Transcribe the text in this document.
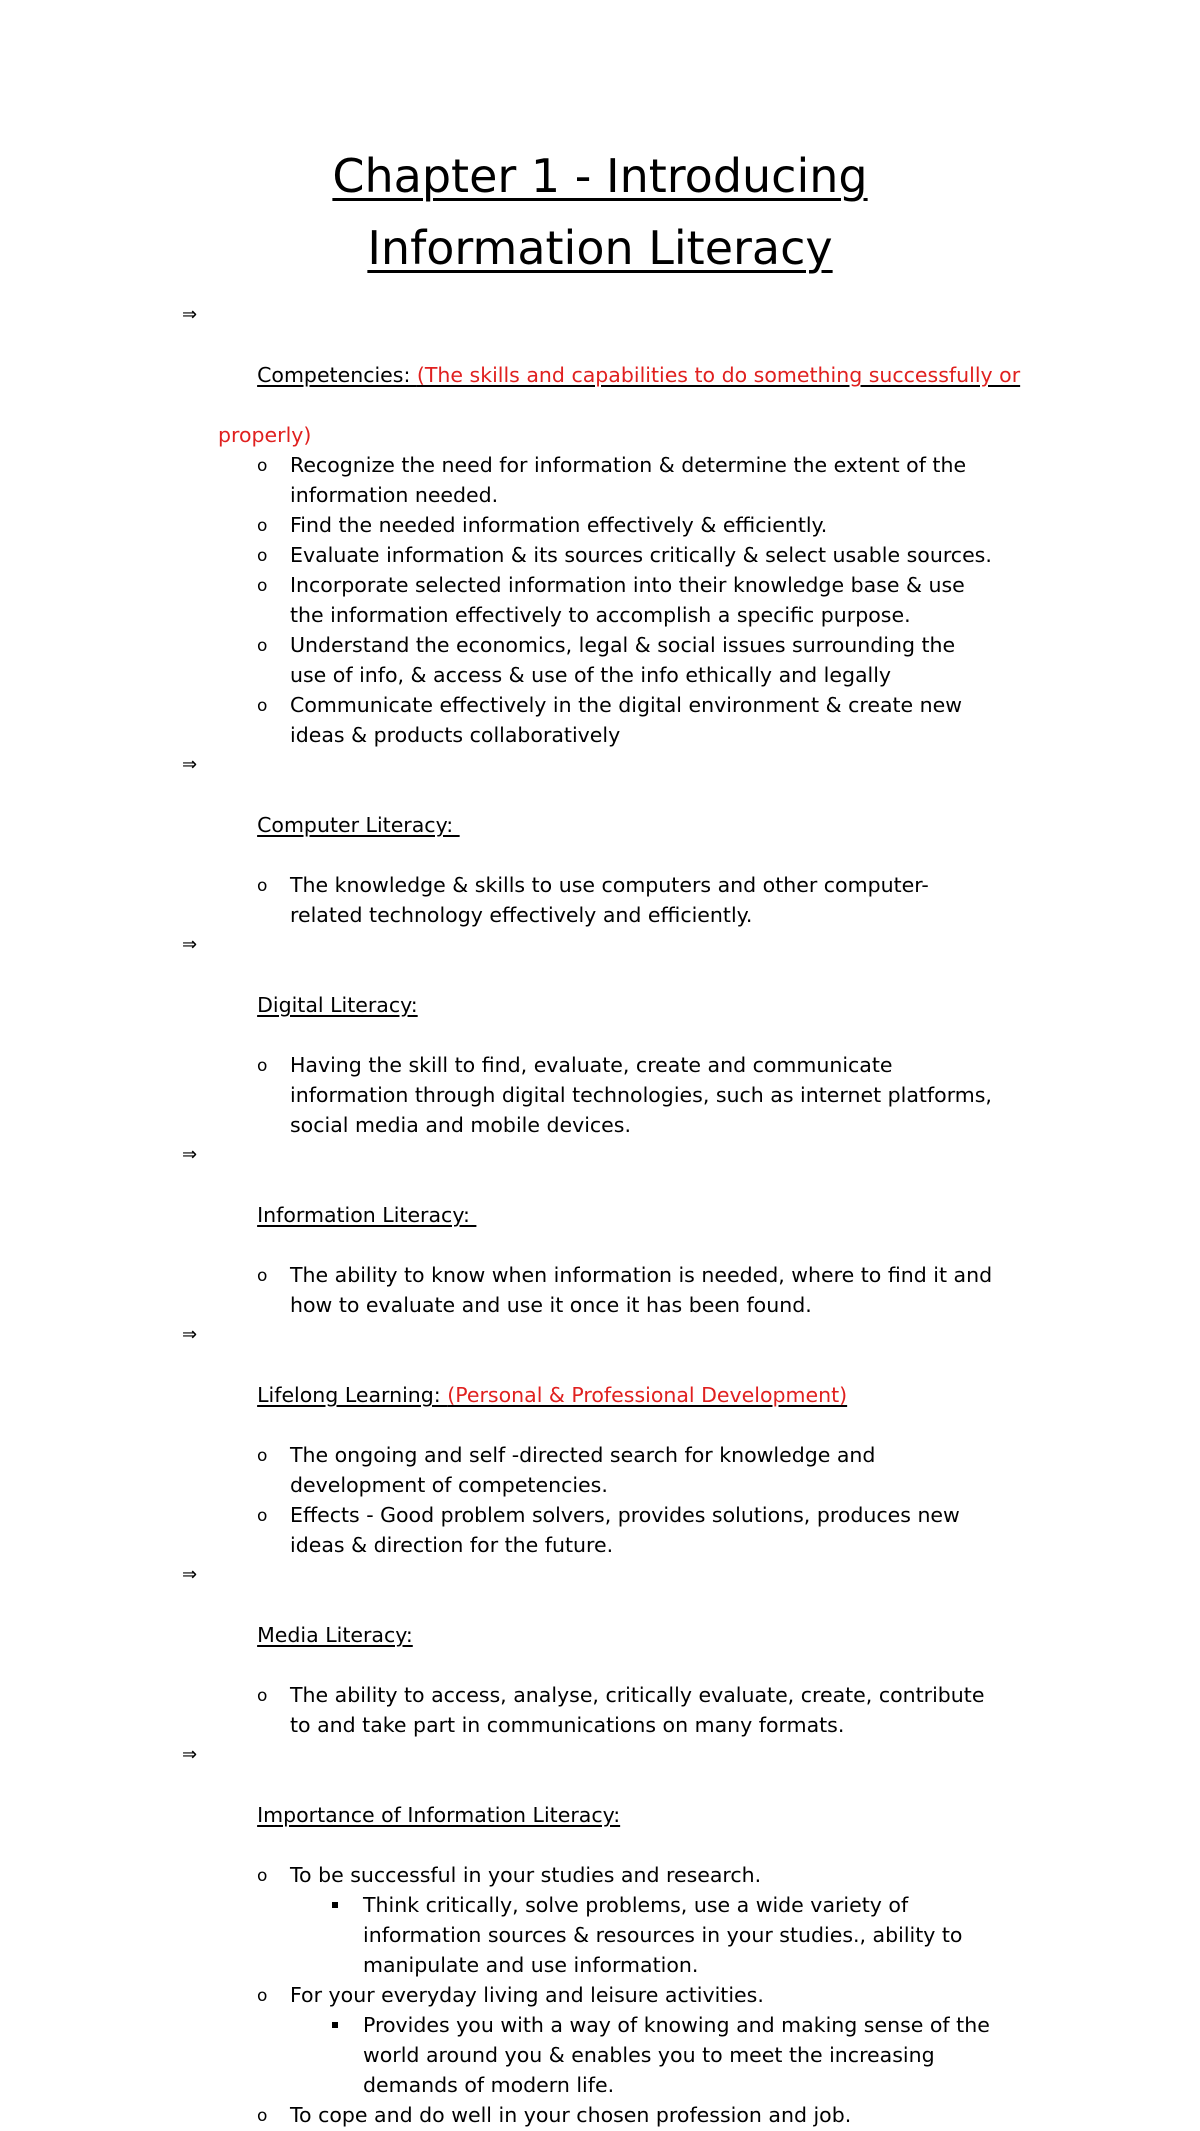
Chapter 1 - Introducing
Information Literacy

⇒

Competencies: (The skills and capabilities to do something successfully or

properly)
o Recognize the need for information & determine the extent of the
information needed.
o Find the needed information effectively & efficiently.
o Evaluate information & its sources critically & select usable sources.
o Incorporate selected information into their knowledge base & use
the information effectively to accomplish a specific purpose.
o Understand the economics, legal & social issues surrounding the
use of info, & access & use of the info ethically and legally
o Communicate effectively in the digital environment & create new
ideas & products collaboratively

⇒

Computer Literacy:

o The knowledge & skills to use computers and other computer-
related technology effectively and efficiently.

⇒

Digital Literacy:

o Having the skill to find, evaluate, create and communicate
information through digital technologies, such as internet platforms,
social media and mobile devices.

⇒

Information Literacy:

o The ability to know when information is needed, where to find it and
how to evaluate and use it once it has been found.

⇒

Lifelong Learning: (Personal & Professional Development)

o The ongoing and self -directed search for knowledge and
development of competencies.
o Effects - Good problem solvers, provides solutions, produces new
ideas & direction for the future.

⇒

Media Literacy:

o The ability to access, analyse, critically evaluate, create, contribute
to and take part in communications on many formats.

⇒

Importance of Information Literacy:

o To be successful in your studies and research.
Think critically, solve problems, use a wide variety of
information sources & resources in your studies., ability to
manipulate and use information.
o For your everyday living and leisure activities.
Provides you with a way of knowing and making sense of the
world around you & enables you to meet the increasing
demands of modern life.
o To cope and do well in your chosen profession and job.
